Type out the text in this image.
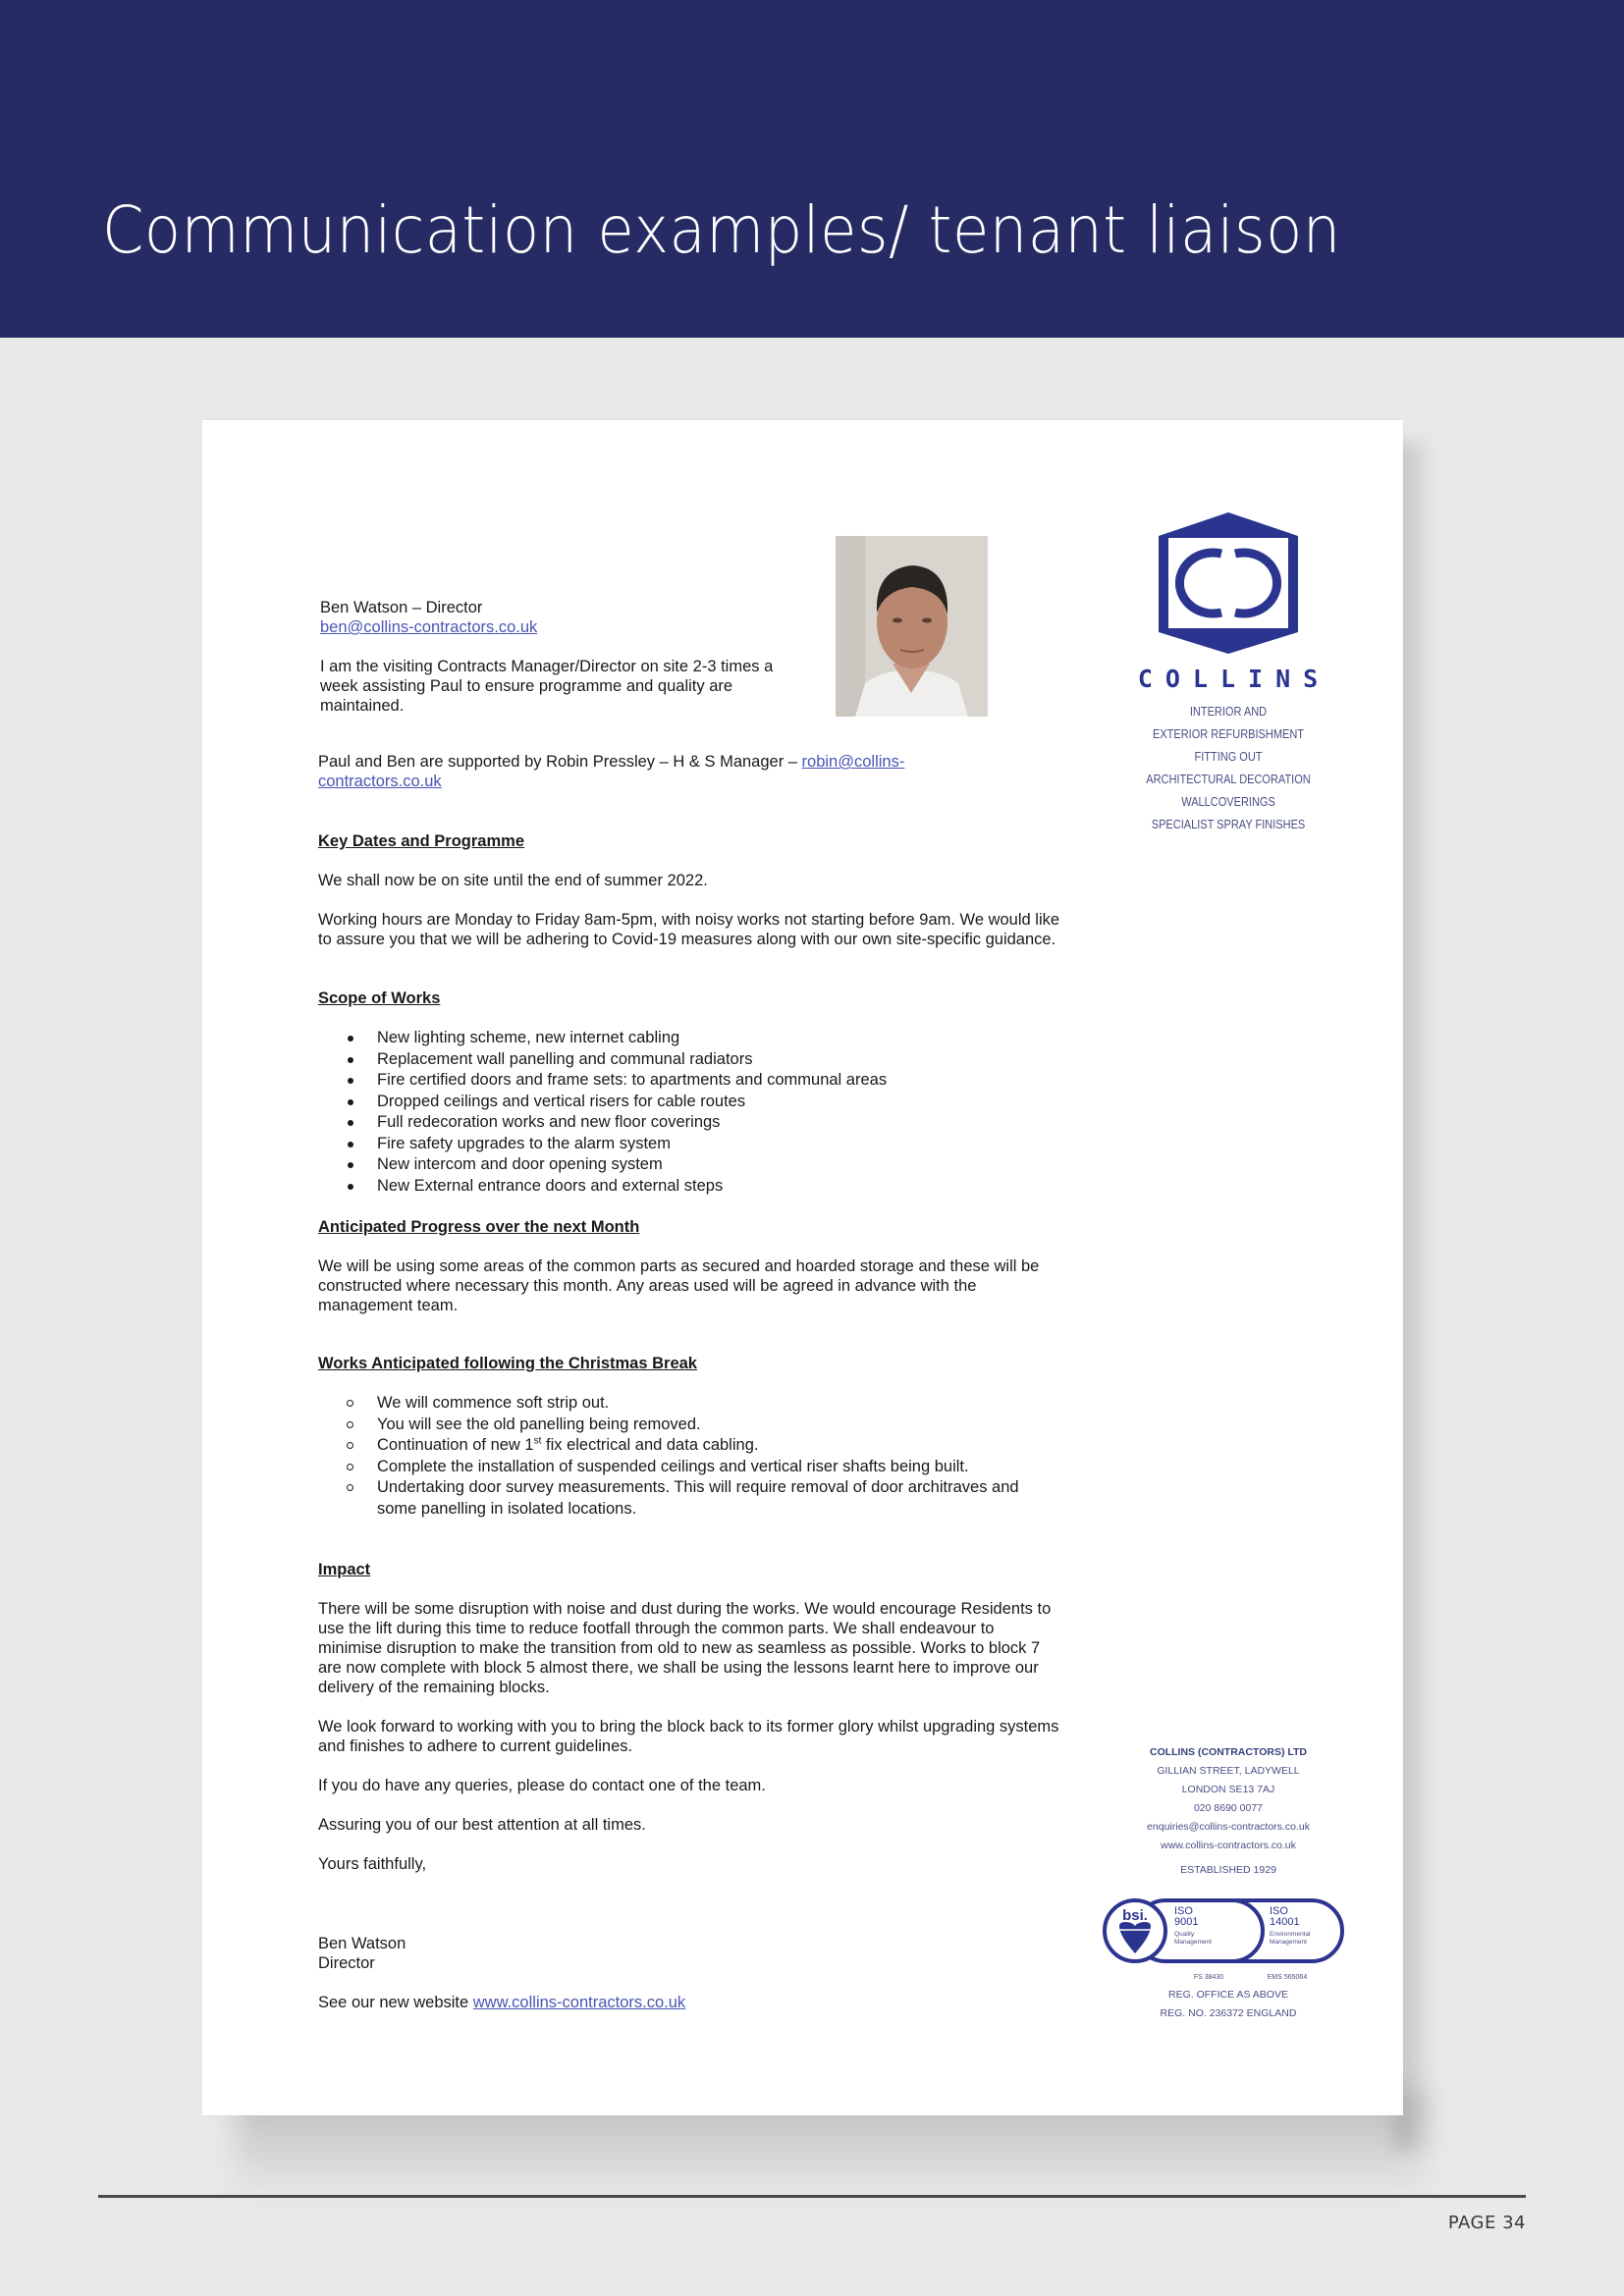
Communication examples/ tenant liaison
Ben Watson – Director
ben@collins-contractors.co.uk
I am the visiting Contracts Manager/Director on site 2-3 times a week assisting Paul to ensure programme and quality are maintained.
Paul and Ben are supported by Robin Pressley – H & S Manager – robin@collins-contractors.co.uk
Key Dates and Programme
We shall now be on site until the end of summer 2022.
Working hours are Monday to Friday 8am-5pm, with noisy works not starting before 9am. We would like to assure you that we will be adhering to Covid-19 measures along with our own site-specific guidance.
Scope of Works
New lighting scheme, new internet cabling
Replacement wall panelling and communal radiators
Fire certified doors and frame sets: to apartments and communal areas
Dropped ceilings and vertical risers for cable routes
Full redecoration works and new floor coverings
Fire safety upgrades to the alarm system
New intercom and door opening system
New External entrance doors and external steps
Anticipated Progress over the next Month
We will be using some areas of the common parts as secured and hoarded storage and these will be constructed where necessary this month. Any areas used will be agreed in advance with the management team.
Works Anticipated following the Christmas Break
We will commence soft strip out.
You will see the old panelling being removed.
Continuation of new 1st fix electrical and data cabling.
Complete the installation of suspended ceilings and vertical riser shafts being built.
Undertaking door survey measurements. This will require removal of door architraves and some panelling in isolated locations.
Impact
There will be some disruption with noise and dust during the works. We would encourage Residents to use the lift during this time to reduce footfall through the common parts. We shall endeavour to minimise disruption to make the transition from old to new as seamless as possible. Works to block 7 are now complete with block 5 almost there, we shall be using the lessons learnt here to improve our delivery of the remaining blocks.
We look forward to working with you to bring the block back to its former glory whilst upgrading systems and finishes to adhere to current guidelines.
If you do have any queries, please do contact one of the team.
Assuring you of our best attention at all times.
Yours faithfully,
Ben Watson
Director
See our new website www.collins-contractors.co.uk
COLLINS
INTERIOR AND
EXTERIOR REFURBISHMENT
FITTING OUT
ARCHITECTURAL DECORATION
WALLCOVERINGS
SPECIALIST SPRAY FINISHES
COLLINS (CONTRACTORS) LTD
GILLIAN STREET, LADYWELL
LONDON SE13 7AJ
020 8690 0077
enquiries@collins-contractors.co.uk
www.collins-contractors.co.uk
ESTABLISHED 1929
bsi. ISO
9001
Quality
Management
ISO
14001
Environmental
Management
FS 38430	EMS 565064
REG. OFFICE AS ABOVE
REG. NO. 236372 ENGLAND
PAGE 34
